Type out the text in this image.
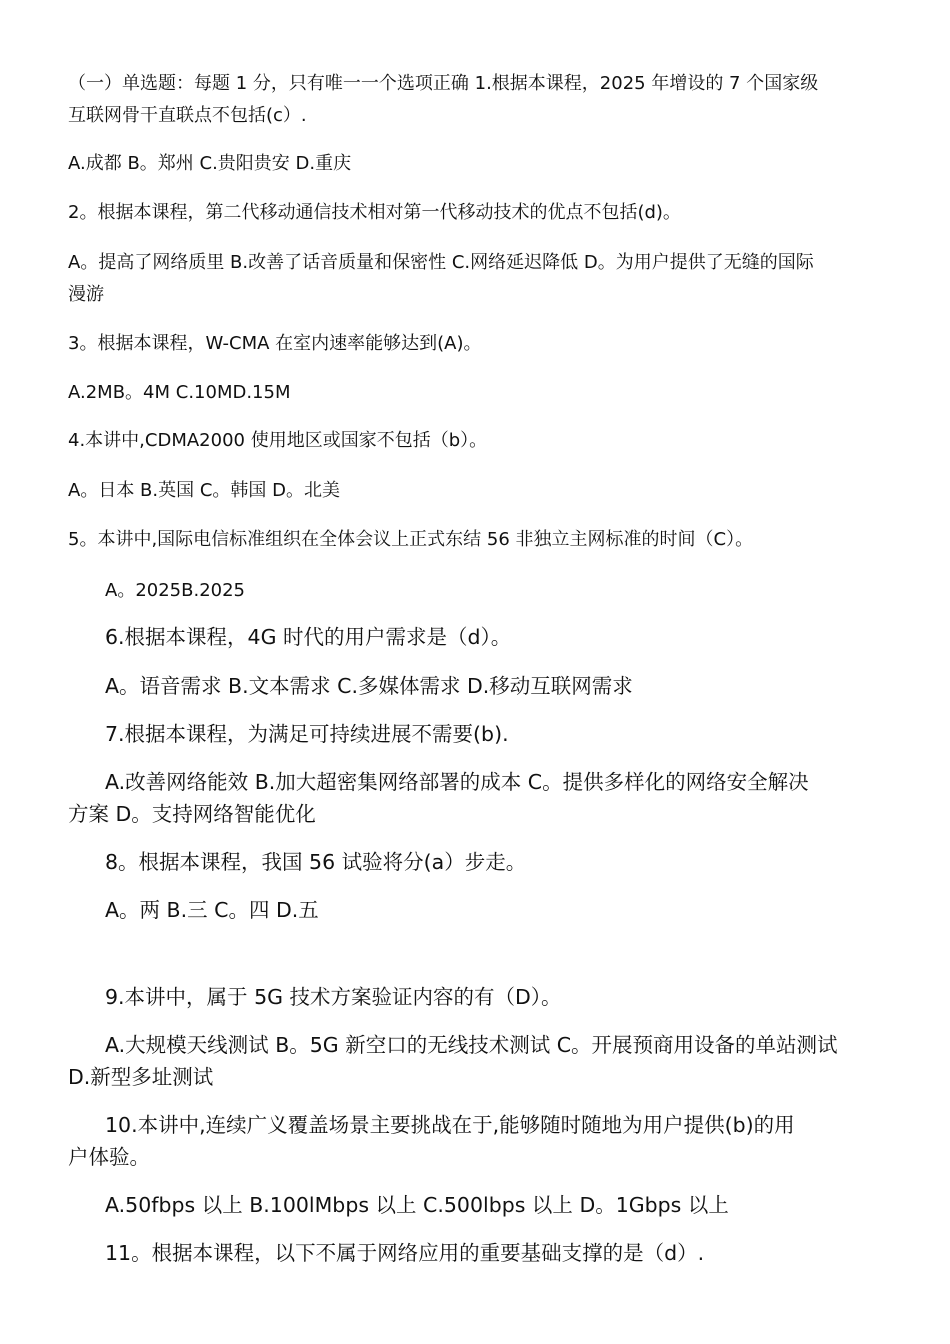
（一）单选题：每题 1 分，只有唯一一个选项正确 1.根据本课程，2025 年增设的 7 个国家级
互联网骨干直联点不包括(c）.
A.成都 B。郑州 C.贵阳贵安 D.重庆
2。根据本课程，第二代移动通信技术相对第一代移动技术的优点不包括(d)。
A。提高了网络质里 B.改善了话音质量和保密性 C.网络延迟降低 D。为用户提供了无缝的国际
漫游
3。根据本课程，W-CMA 在室内速率能够达到(A)。
A.2MB。4M C.10MD.15M
4.本讲中,CDMA2000 使用地区或国家不包括（b）。
A。日本 B.英国 C。韩国 D。北美
5。本讲中,国际电信标准组织在全体会议上正式东结 56 非独立主网标准的时间（C）。
A。2025B.2025
6.根据本课程，4G 时代的用户需求是（d）。
A。语音需求 B.文本需求 C.多媒体需求 D.移动互联网需求
7.根据本课程，为满足可持续进展不需要(b).
A.改善网络能效 B.加大超密集网络部署的成本 C。提供多样化的网络安全解决
方案 D。支持网络智能优化
8。根据本课程，我国 56 试验将分(a）步走。
A。两 B.三 C。四 D.五
9.本讲中，属于 5G 技术方案验证内容的有（D）。
A.大规模天线测试 B。5G 新空口的无线技术测试 C。开展预商用设备的单站测试
D.新型多址测试
10.本讲中,连续广义覆盖场景主要挑战在于,能够随时随地为用户提供(b)的用
户体验。
A.50fbps 以上 B.100lMbps 以上 C.500lbps 以上 D。1Gbps 以上
11。根据本课程，以下不属于网络应用的重要基础支撑的是（d）.
